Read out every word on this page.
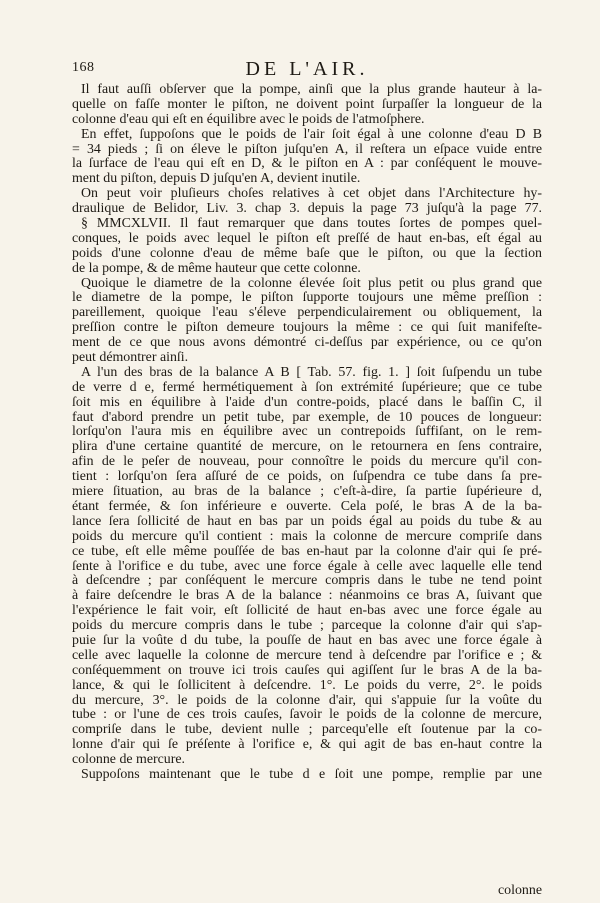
168	DE L'AIR.
Il faut auſſi obſerver que la pompe, ainſi que la plus grande hauteur à la-
quelle on faſſe monter le piſton, ne doivent point ſurpaſſer la longueur de la
colonne d'eau qui eſt en équilibre avec le poids de l'atmoſphere.
En effet, ſuppoſons que le poids de l'air ſoit égal à une colonne d'eau D B
= 34 pieds ; ſi on éleve le piſton juſqu'en A, il reſtera un eſpace vuide entre
la ſurface de l'eau qui eſt en D, & le piſton en A : par conſéquent le mouve-
ment du piſton, depuis D juſqu'en A, devient inutile.
On peut voir pluſieurs choſes relatives à cet objet dans l'Architecture hy-
draulique de Belidor, Liv. 3. chap 3. depuis la page 73 juſqu'à la page 77.
§ MMCXLVII. Il faut remarquer que dans toutes ſortes de pompes quel-
conques, le poids avec lequel le piſton eſt preſſé de haut en-bas, eſt égal au
poids d'une colonne d'eau de même baſe que le piſton, ou que la ſection
de la pompe, & de même hauteur que cette colonne.
Quoique le diametre de la colonne élevée ſoit plus petit ou plus grand que
le diametre de la pompe, le piſton ſupporte toujours une même preſſion :
pareillement, quoique l'eau s'éleve perpendiculairement ou obliquement, la
preſſion contre le piſton demeure toujours la même : ce qui ſuit manifeſte-
ment de ce que nous avons démontré ci-deſſus par expérience, ou ce qu'on
peut démontrer ainſi.
A l'un des bras de la balance A B [ Tab. 57. fig. 1. ] ſoit ſuſpendu un tube
de verre d e, fermé hermétiquement à ſon extrémité ſupérieure; que ce tube
ſoit mis en équilibre à l'aide d'un contre-poids, placé dans le baſſin C, il
faut d'abord prendre un petit tube, par exemple, de 10 pouces de longueur:
lorſqu'on l'aura mis en équilibre avec un contrepoids ſuffiſant, on le rem-
plira d'une certaine quantité de mercure, on le retournera en ſens contraire,
afin de le peſer de nouveau, pour connoître le poids du mercure qu'il con-
tient : lorſqu'on ſera aſſuré de ce poids, on ſuſpendra ce tube dans ſa pre-
miere ſituation, au bras de la balance ; c'eſt-à-dire, ſa partie ſupérieure d,
étant fermée, & ſon inférieure e ouverte. Cela poſé, le bras A de la ba-
lance ſera ſollicité de haut en bas par un poids égal au poids du tube & au
poids du mercure qu'il contient : mais la colonne de mercure compriſe dans
ce tube, eſt elle même pouſſée de bas en-haut par la colonne d'air qui ſe pré-
ſente à l'orifice e du tube, avec une force égale à celle avec laquelle elle tend
à deſcendre ; par conſéquent le mercure compris dans le tube ne tend point
à faire deſcendre le bras A de la balance : néanmoins ce bras A, ſuivant que
l'expérience le fait voir, eſt ſollicité de haut en-bas avec une force égale au
poids du mercure compris dans le tube ; parceque la colonne d'air qui s'ap-
puie ſur la voûte d du tube, la pouſſe de haut en bas avec une force égale à
celle avec laquelle la colonne de mercure tend à deſcendre par l'orifice e ; &
conſéquemment on trouve ici trois cauſes qui agiſſent ſur le bras A de la ba-
lance, & qui le ſollicitent à deſcendre. 1°. Le poids du verre, 2°. le poids
du mercure, 3°. le poids de la colonne d'air, qui s'appuie ſur la voûte du
tube : or l'une de ces trois cauſes, ſavoir le poids de la colonne de mercure,
compriſe dans le tube, devient nulle ; parcequ'elle eſt ſoutenue par la co-
lonne d'air qui ſe préſente à l'orifice e, & qui agit de bas en-haut contre la
colonne de mercure.
Suppoſons maintenant que le tube d e ſoit une pompe, remplie par une
colonne
